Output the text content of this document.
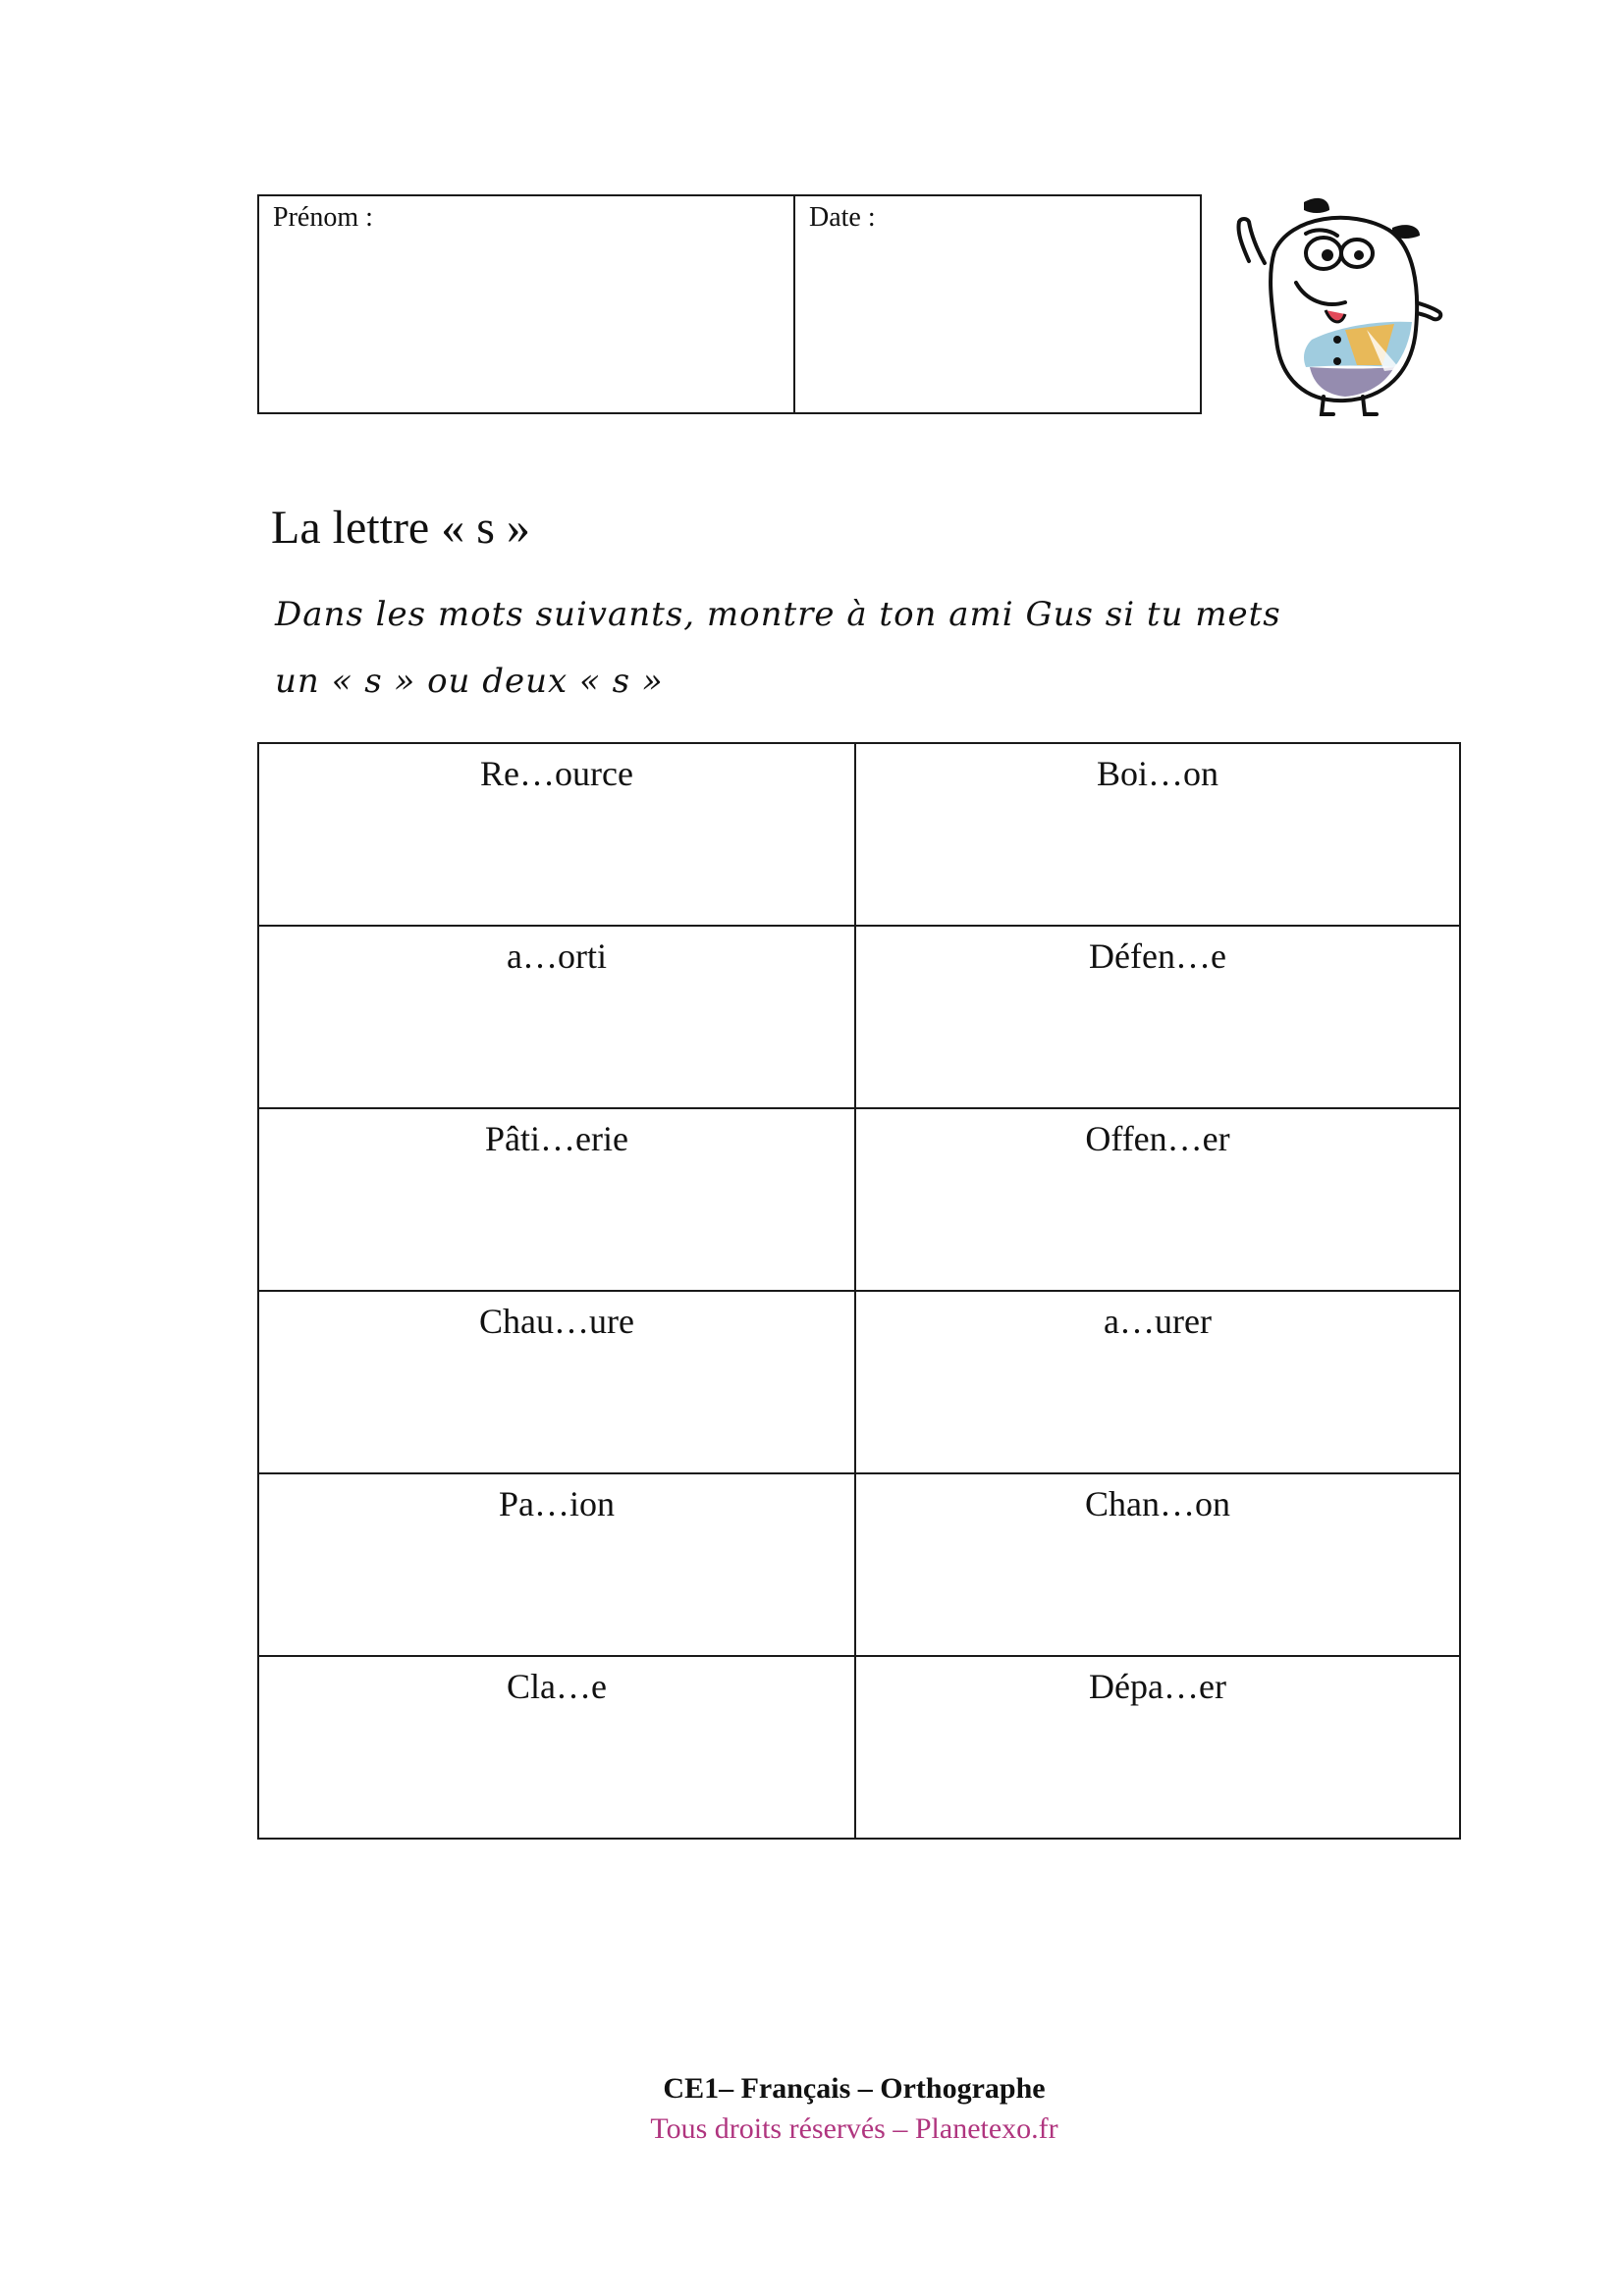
Prénom :	Date :
La lettre « s »
Dans les mots suivants, montre à ton ami Gus si tu mets
un « s » ou deux « s »
Re…ource	Boi…on
a…orti	Défen…e
Pâti…erie	Offen…er
Chau…ure	a…urer
Pa…ion	Chan…on
Cla…e	Dépa…er
CE1– Français – Orthographe
Tous droits réservés – Planetexo.fr
